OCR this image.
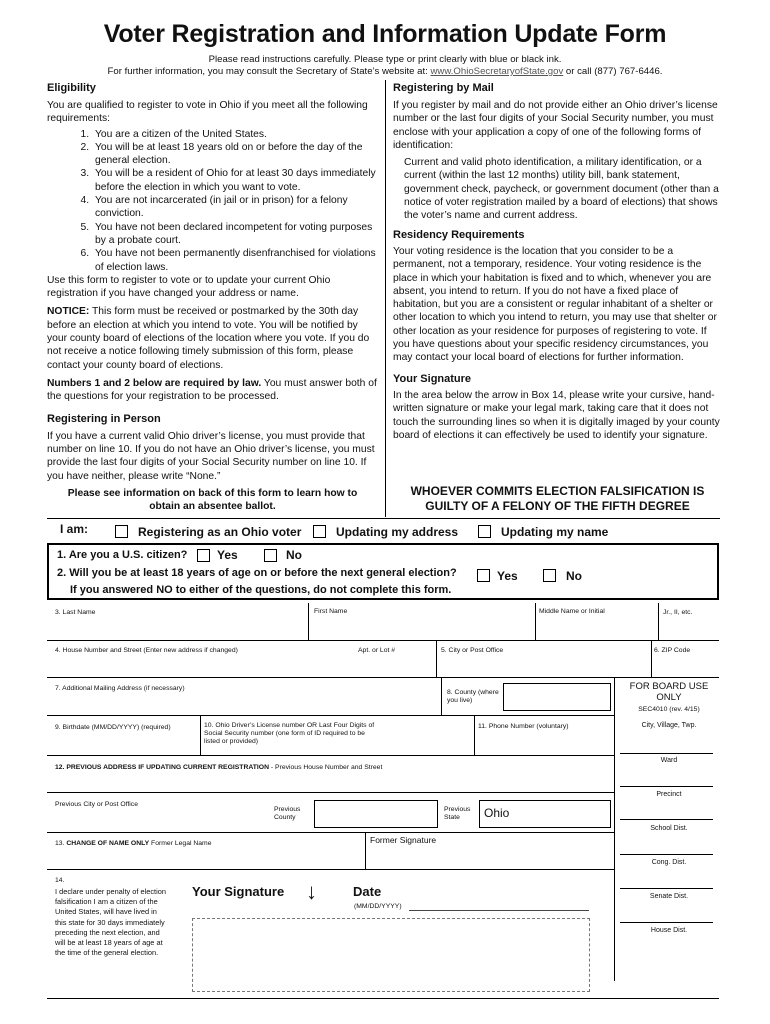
Voter Registration and Information Update Form
Please read instructions carefully. Please type or print clearly with blue or black ink.
For further information, you may consult the Secretary of State’s website at: www.OhioSecretaryofState.gov or call (877) 767-6446.
Eligibility

You are qualified to register to vote in Ohio if you meet all the following requirements:

1. You are a citizen of the United States.
2. You will be at least 18 years old on or before the day of the general election.
3. You will be a resident of Ohio for at least 30 days immediately before the election in which you want to vote.
4. You are not incarcerated (in jail or in prison) for a felony conviction.
5. You have not been declared incompetent for voting purposes by a probate court.
6. You have not been permanently disenfranchised for violations of election laws.

Use this form to register to vote or to update your current Ohio registration if you have changed your address or name.

NOTICE: This form must be received or postmarked by the 30th day before an election at which you intend to vote. You will be notified by your county board of elections of the location where you vote. If you do not receive a notice following timely submission of this form, please contact your county board of elections.

Numbers 1 and 2 below are required by law. You must answer both of the questions for your registration to be processed.

Registering in Person

If you have a current valid Ohio driver’s license, you must provide that number on line 10. If you do not have an Ohio driver’s license, you must provide the last four digits of your Social Security number on line 10. If you have neither, please write “None.”

Please see information on back of this form to learn how to obtain an absentee ballot.
Registering by Mail

If you register by mail and do not provide either an Ohio driver’s license number or the last four digits of your Social Security number, you must enclose with your application a copy of one of the following forms of identification:

Current and valid photo identification, a military identification, or a current (within the last 12 months) utility bill, bank statement, government check, paycheck, or government document (other than a notice of voter registration mailed by a board of elections) that shows the voter’s name and current address.

Residency Requirements

Your voting residence is the location that you consider to be a permanent, not a temporary, residence. Your voting residence is the place in which your habitation is fixed and to which, whenever you are absent, you intend to return. If you do not have a fixed place of habitation, but you are a consistent or regular inhabitant of a shelter or other location to which you intend to return, you may use that shelter or other location as your residence for purposes of registering to vote. If you have questions about your specific residency circumstances, you may contact your local board of elections for further information.

Your Signature

In the area below the arrow in Box 14, please write your cursive, hand-written signature or make your legal mark, taking care that it does not touch the surrounding lines so when it is digitally imaged by your county board of elections it can effectively be used to identify your signature.

WHOEVER COMMITS ELECTION FALSIFICATION IS GUILTY OF A FELONY OF THE FIFTH DEGREE
I am:	Registering as an Ohio voter	Updating my address	Updating my name
1. Are you a U.S. citizen? Yes	No
2. Will you be at least 18 years of age on or before the next general election?	Yes	No
If you answered NO to either of the questions, do not complete this form.
3. Last Name	First Name	Middle Name or Initial	Jr., II, etc.
4. House Number and Street (Enter new address if changed)	Apt. or Lot #	5. City or Post Office	6. ZIP Code
FOR BOARD USE ONLY
SEC4010 (rev. 4/15)
City, Village, Twp.
Ward
Precinct
School Dist.
Cong. Dist.
Senate Dist.
House Dist.
7. Additional Mailing Address (if necessary)
8. County (where you live)
9. Birthdate (MM/DD/YYYY) (required)	10. Ohio Driver’s License number OR Last Four Digits of Social Security number (one form of ID required to be listed or provided)
11. Phone Number (voluntary)
12. PREVIOUS ADDRESS IF UPDATING CURRENT REGISTRATION - Previous House Number and Street
Previous City or Post Office
Previous County
Previous State	Ohio
13. CHANGE OF NAME ONLY Former Legal Name	Former Signature
14.
I declare under penalty of election falsification I am a citizen of the United States, will have lived in this state for 30 days immediately preceding the next election, and will be at least 18 years of age at the time of the general election.
Your Signature ↓	Date
(MM/DD/YYYY)
